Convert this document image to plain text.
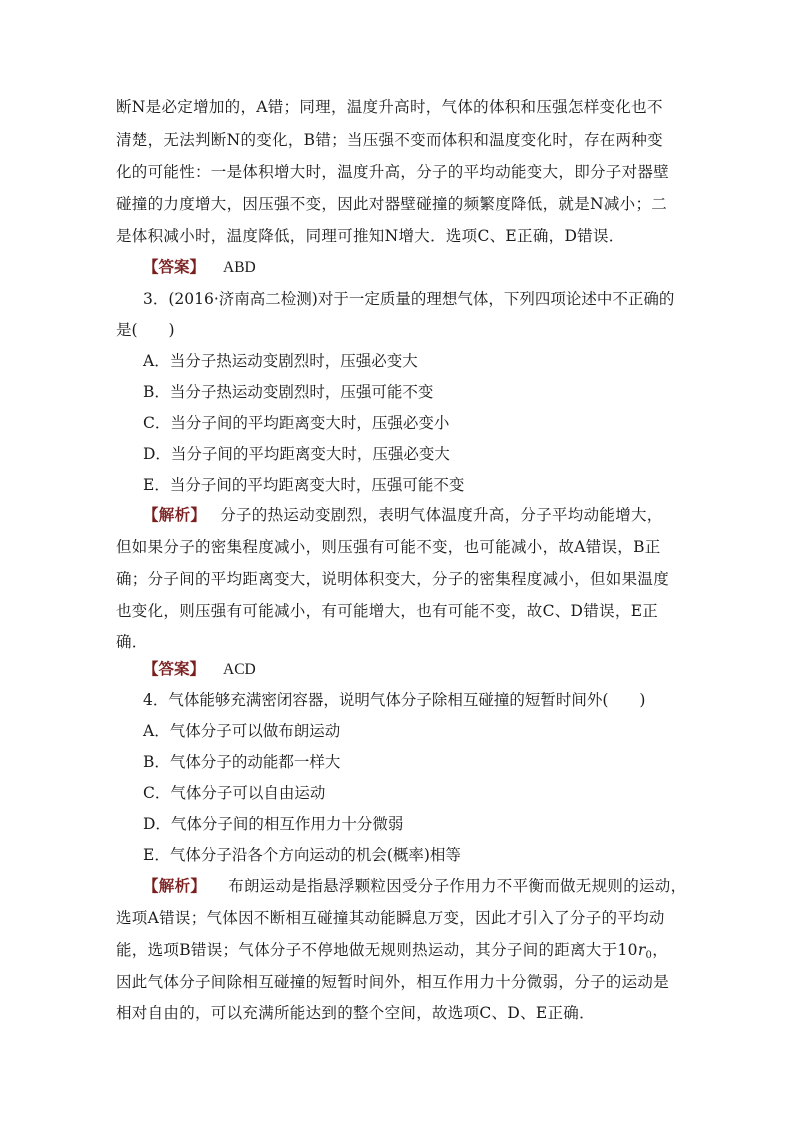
断N是必定增加的，A错；同理，温度升高时，气体的体积和压强怎样变化也不
清楚，无法判断N的变化，B错；当压强不变而体积和温度变化时，存在两种变
化的可能性：一是体积增大时，温度升高，分子的平均动能变大，即分子对器壁
碰撞的力度增大，因压强不变，因此对器壁碰撞的频繁度降低，就是N减小；二
是体积减小时，温度降低，同理可推知N增大．选项C、E正确，D错误．
【答案】 ABD
3．(2016·济南高二检测)对于一定质量的理想气体，下列四项论述中不正确的
是(　　)
A．当分子热运动变剧烈时，压强必变大
B．当分子热运动变剧烈时，压强可能不变
C．当分子间的平均距离变大时，压强必变小
D．当分子间的平均距离变大时，压强必变大
E．当分子间的平均距离变大时，压强可能不变
【解析】 分子的热运动变剧烈，表明气体温度升高，分子平均动能增大，
但如果分子的密集程度减小，则压强有可能不变，也可能减小，故A错误，B正
确；分子间的平均距离变大，说明体积变大，分子的密集程度减小，但如果温度
也变化，则压强有可能减小，有可能增大，也有可能不变，故C、D错误，E正
确．
【答案】 ACD
4．气体能够充满密闭容器，说明气体分子除相互碰撞的短暂时间外(　　)
A．气体分子可以做布朗运动
B．气体分子的动能都一样大
C．气体分子可以自由运动
D．气体分子间的相互作用力十分微弱
E．气体分子沿各个方向运动的机会(概率)相等
【解析】 布朗运动是指悬浮颗粒因受分子作用力不平衡而做无规则的运动，
选项A错误；气体因不断相互碰撞其动能瞬息万变，因此才引入了分子的平均动
能，选项B错误；气体分子不停地做无规则热运动，其分子间的距离大于$10r_0$，
因此气体分子间除相互碰撞的短暂时间外，相互作用力十分微弱，分子的运动是
相对自由的，可以充满所能达到的整个空间，故选项C、D、E正确．
